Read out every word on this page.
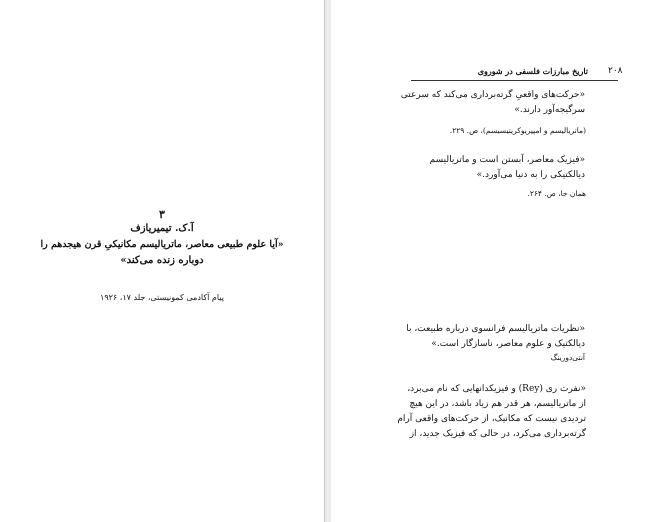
۲۰۸
تاریخ مبارزات فلسفی در شوروی
«حرکت‌های واقعیِ گرته‌برداری می‌کند که سرعتی
سرگیجه‌آور دارند.»
(ماتریالیسم و امپیریوکریتیسیسم)، ص. ۲۲۹.
«فیزیک معاصر، آبستن است و ماتریالیسم
دیالکتیکی را به دنیا می‌آورد.»
همان جا، ص. ۲۶۴.
۳
آ.ک. تیمیریازف
«آیا علوم طبیعی معاصر، ماتریالیسم مکانیکیِ قرن هیجدهم را
دوباره زنده می‌کند»
پیام آکادمی کمونیستی، جلد ۱۷، ۱۹۲۶
«نظریات ماتریالیسم فرانسوی درباره طبیعت، با
دیالکتیک و علوم معاصر، ناسازگار است.»
آنتی‌دورینگ
«نفرت ری (Rey) و فیزیکدانهایی که نام می‌برد،
از ماتریالیسم، هر قدر هم زیاد باشد، در این هیچ
تردیدی نیست که مکانیک، از حرکت‌های واقعی آرام
گرته‌برداری می‌کرد، در حالی که فیزیک جدید، از
